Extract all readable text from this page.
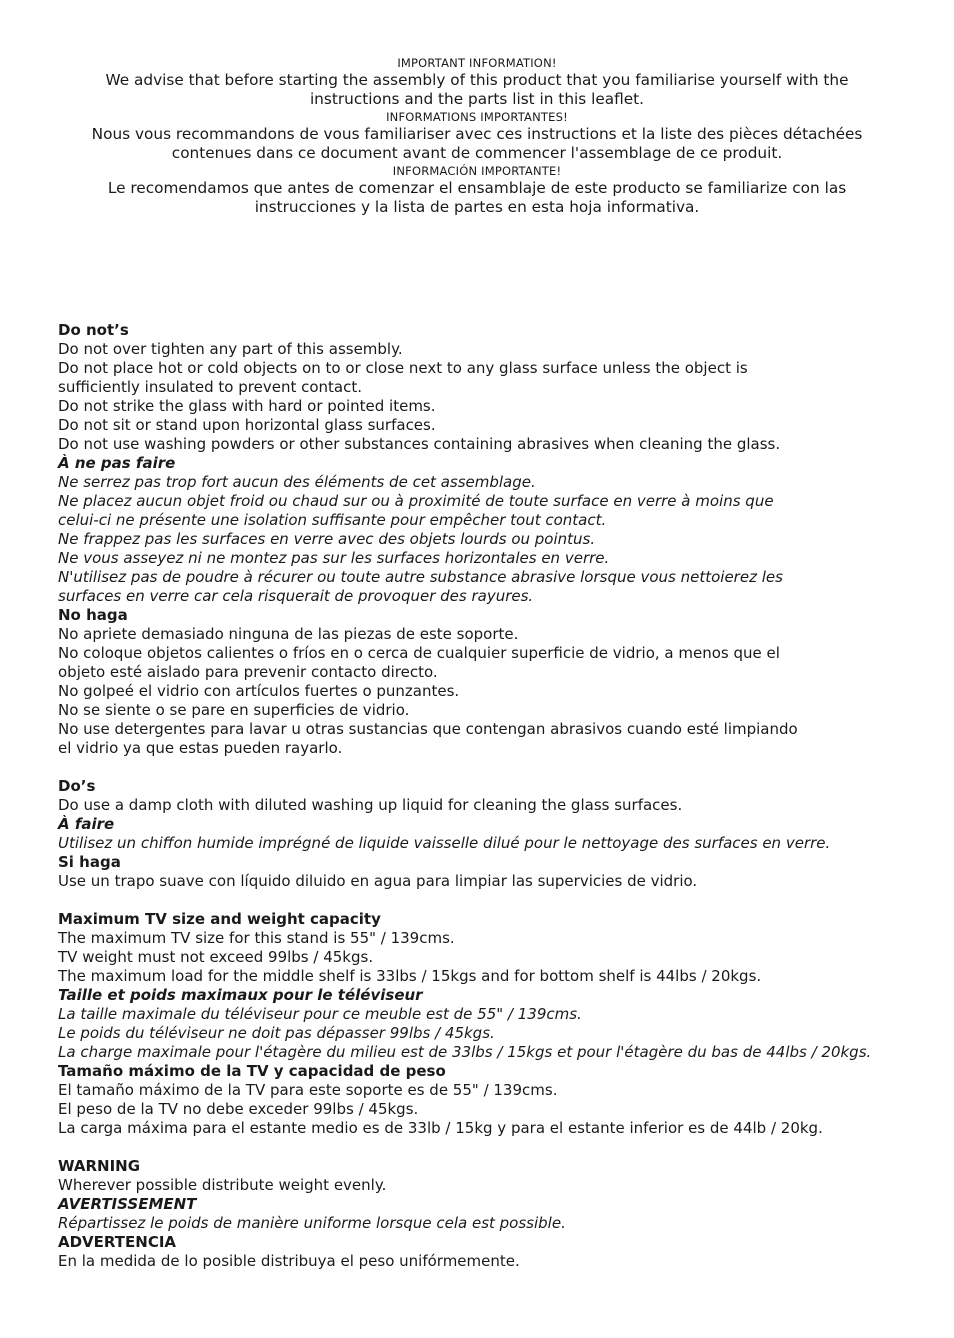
IMPORTANT INFORMATION!
We advise that before starting the assembly of this product that you familiarise yourself with the
instructions and the parts list in this leaflet.
INFORMATIONS IMPORTANTES!
Nous vous recommandons de vous familiariser avec ces instructions et la liste des pièces détachées
contenues dans ce document avant de commencer l'assemblage de ce produit.
INFORMACIÓN IMPORTANTE!
Le recomendamos que antes de comenzar el ensamblaje de este producto se familiarize con las
instrucciones y la lista de partes en esta hoja informativa.
Do not’s
Do not over tighten any part of this assembly.
Do not place hot or cold objects on to or close next to any glass surface unless the object is
sufficiently insulated to prevent contact.
Do not strike the glass with hard or pointed items.
Do not sit or stand upon horizontal glass surfaces.
Do not use washing powders or other substances containing abrasives when cleaning the glass.
À ne pas faire
Ne serrez pas trop fort aucun des éléments de cet assemblage.
Ne placez aucun objet froid ou chaud sur ou à proximité de toute surface en verre à moins que
celui-ci ne présente une isolation suffisante pour empêcher tout contact.
Ne frappez pas les surfaces en verre avec des objets lourds ou pointus.
Ne vous asseyez ni ne montez pas sur les surfaces horizontales en verre.
N'utilisez pas de poudre à récurer ou toute autre substance abrasive lorsque vous nettoierez les
surfaces en verre car cela risquerait de provoquer des rayures.
No haga
No apriete demasiado ninguna de las piezas de este soporte.
No coloque objetos calientes o fríos en o cerca de cualquier superficie de vidrio, a menos que el
objeto esté aislado para prevenir contacto directo.
No golpeé el vidrio con artículos fuertes o punzantes.
No se siente o se pare en superficies de vidrio.
No use detergentes para lavar u otras sustancias que contengan abrasivos cuando esté limpiando
el vidrio ya que estas pueden rayarlo.
Do’s
Do use a damp cloth with diluted washing up liquid for cleaning the glass surfaces.
À faire
Utilisez un chiffon humide imprégné de liquide vaisselle dilué pour le nettoyage des surfaces en verre.
Si haga
Use un trapo suave con líquido diluido en agua para limpiar las supervicies de vidrio.
Maximum TV size and weight capacity
The maximum TV size for this stand is 55" / 139cms.
TV weight must not exceed 99lbs / 45kgs.
The maximum load for the middle shelf is 33lbs / 15kgs and for bottom shelf is 44lbs / 20kgs.
Taille et poids maximaux pour le téléviseur
La taille maximale du téléviseur pour ce meuble est de 55" / 139cms.
Le poids du téléviseur ne doit pas dépasser 99lbs / 45kgs.
La charge maximale pour l'étagère du milieu est de 33lbs / 15kgs et pour l'étagère du bas de 44lbs / 20kgs.
Tamaño máximo de la TV y capacidad de peso
El tamaño máximo de la TV para este soporte es de 55" / 139cms.
El peso de la TV no debe exceder 99lbs / 45kgs.
La carga máxima para el estante medio es de 33lb / 15kg y para el estante inferior es de 44lb / 20kg.
WARNING
Wherever possible distribute weight evenly.
AVERTISSEMENT
Répartissez le poids de manière uniforme lorsque cela est possible.
ADVERTENCIA
En la medida de lo posible distribuya el peso unifórmemente.
